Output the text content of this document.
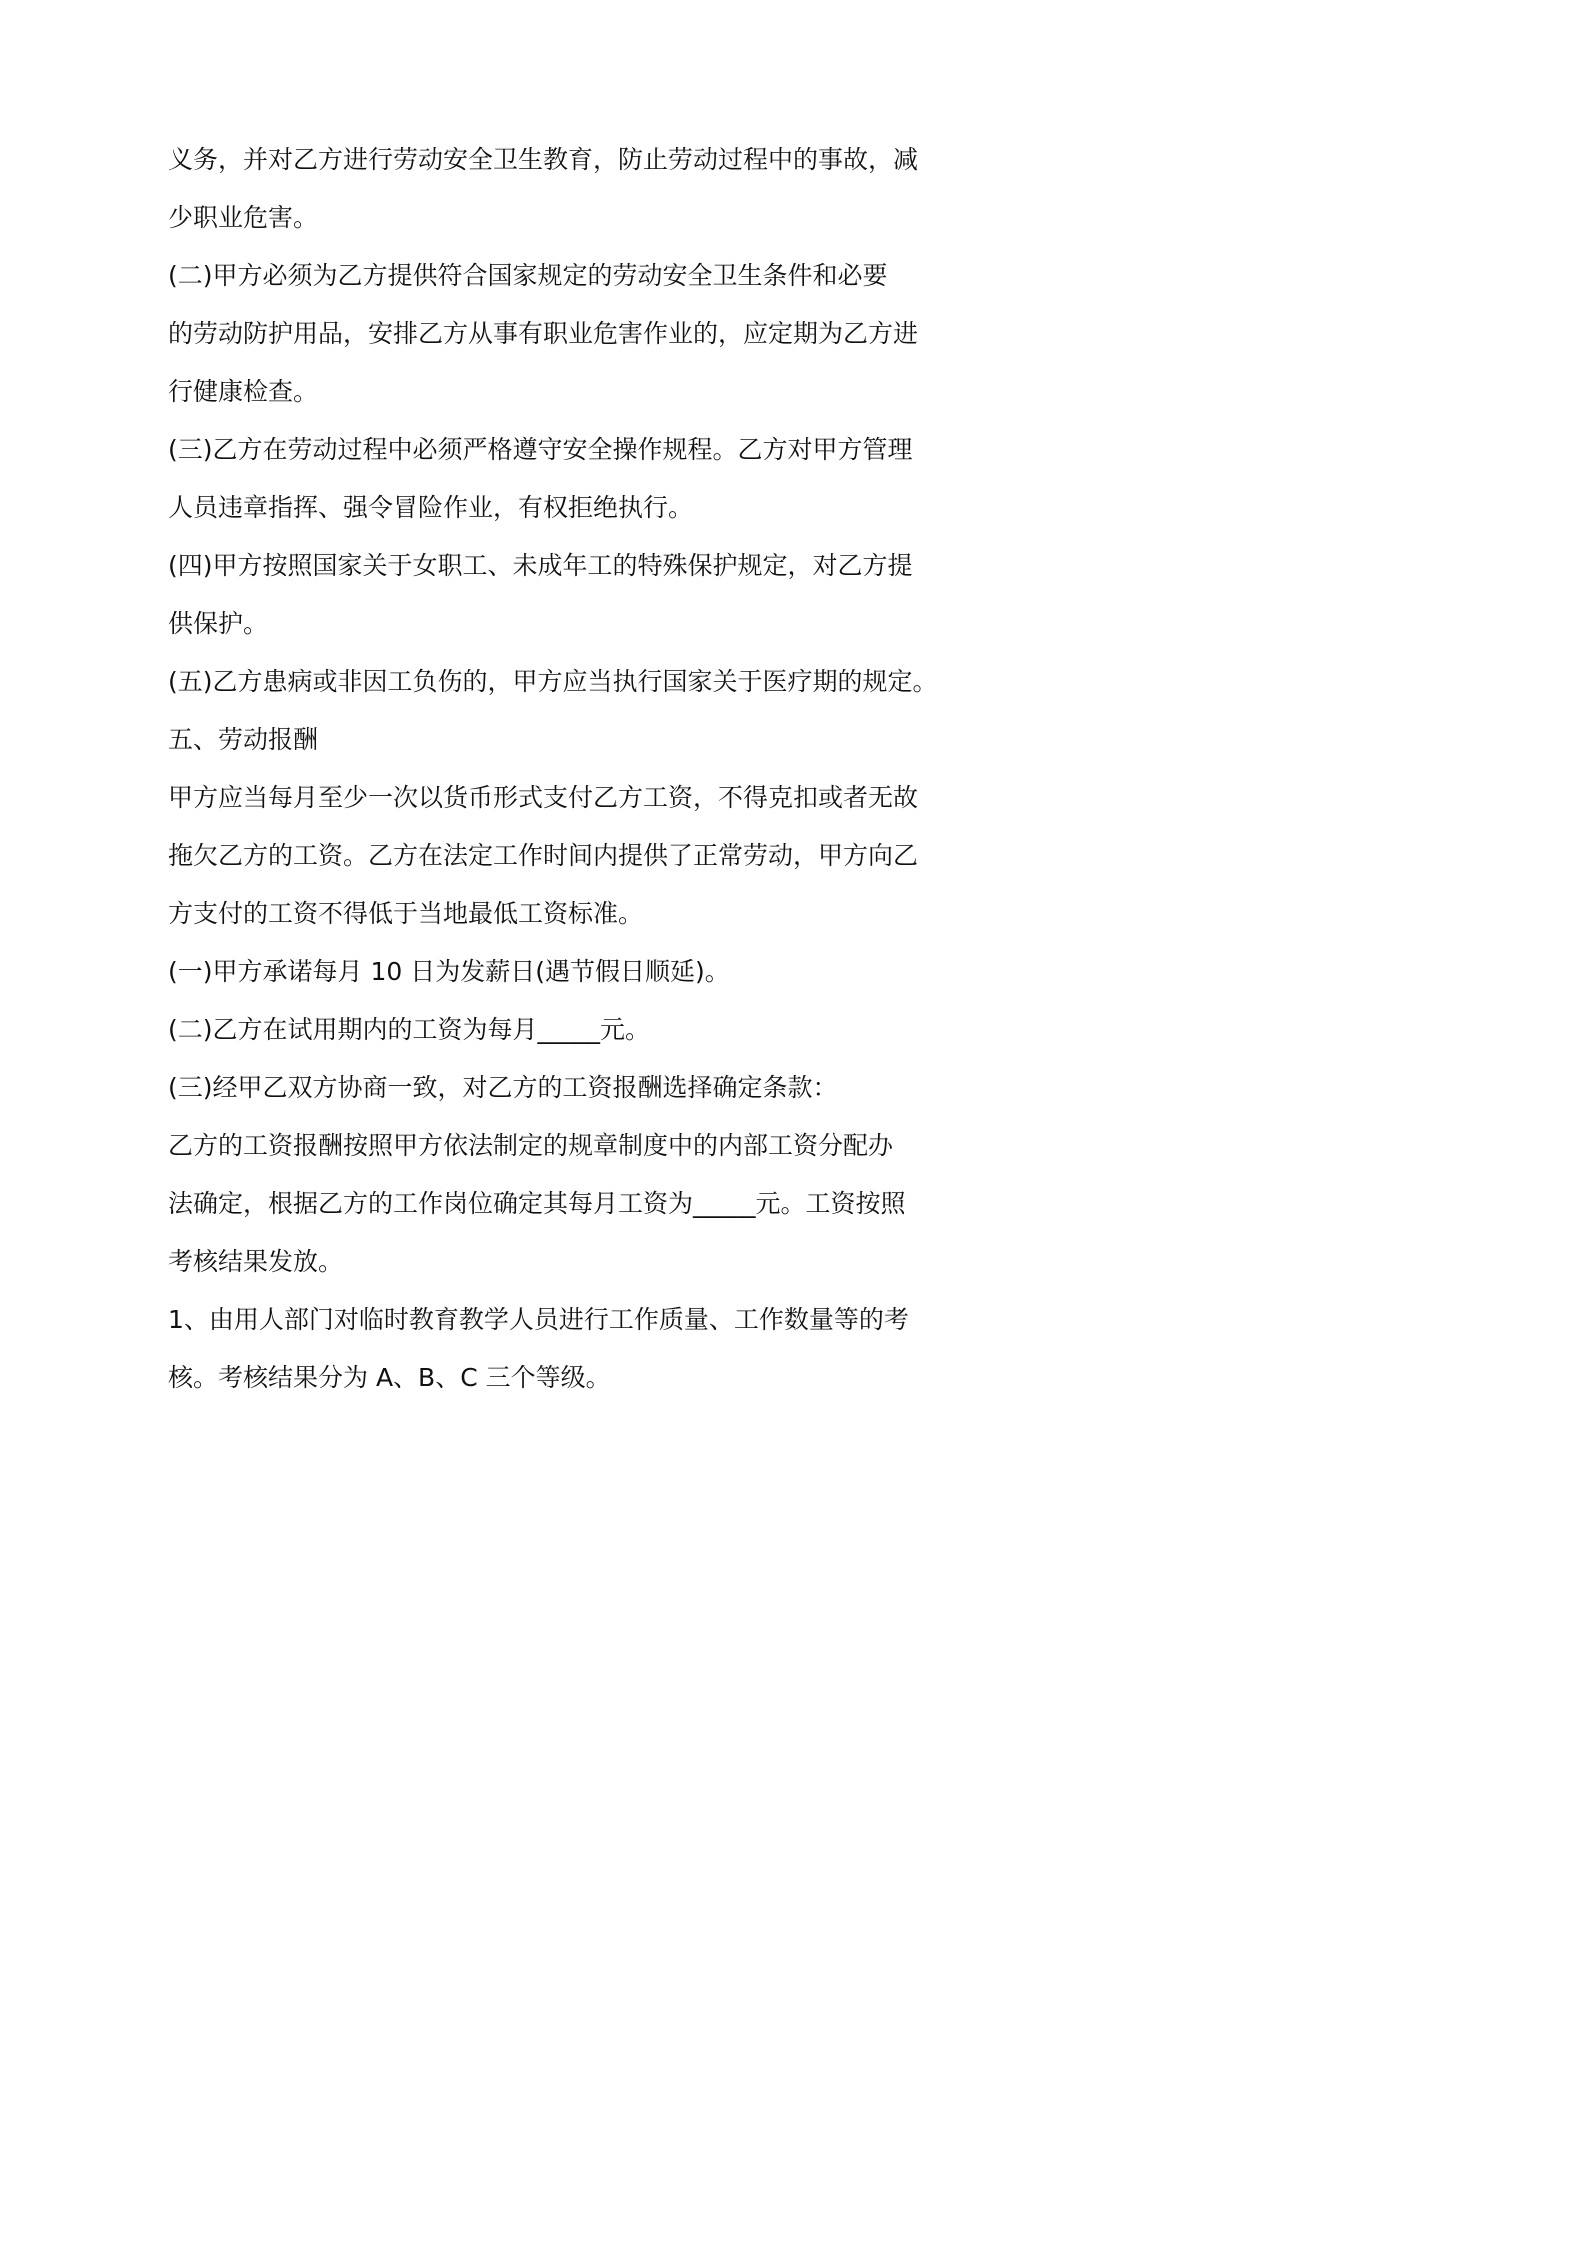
义务，并对乙方进行劳动安全卫生教育，防止劳动过程中的事故，减

少职业危害。

(二)甲方必须为乙方提供符合国家规定的劳动安全卫生条件和必要

的劳动防护用品，安排乙方从事有职业危害作业的，应定期为乙方进

行健康检查。

(三)乙方在劳动过程中必须严格遵守安全操作规程。乙方对甲方管理

人员违章指挥、强令冒险作业，有权拒绝执行。

(四)甲方按照国家关于女职工、未成年工的特殊保护规定，对乙方提

供保护。

(五)乙方患病或非因工负伤的，甲方应当执行国家关于医疗期的规定。

五、劳动报酬

甲方应当每月至少一次以货币形式支付乙方工资，不得克扣或者无故

拖欠乙方的工资。乙方在法定工作时间内提供了正常劳动，甲方向乙

方支付的工资不得低于当地最低工资标准。

(一)甲方承诺每月 10 日为发薪日(遇节假日顺延)。

(二)乙方在试用期内的工资为每月_____元。

(三)经甲乙双方协商一致，对乙方的工资报酬选择确定条款：

乙方的工资报酬按照甲方依法制定的规章制度中的内部工资分配办

法确定，根据乙方的工作岗位确定其每月工资为_____元。工资按照

考核结果发放。

1、由用人部门对临时教育教学人员进行工作质量、工作数量等的考

核。考核结果分为 A、B、C 三个等级。
